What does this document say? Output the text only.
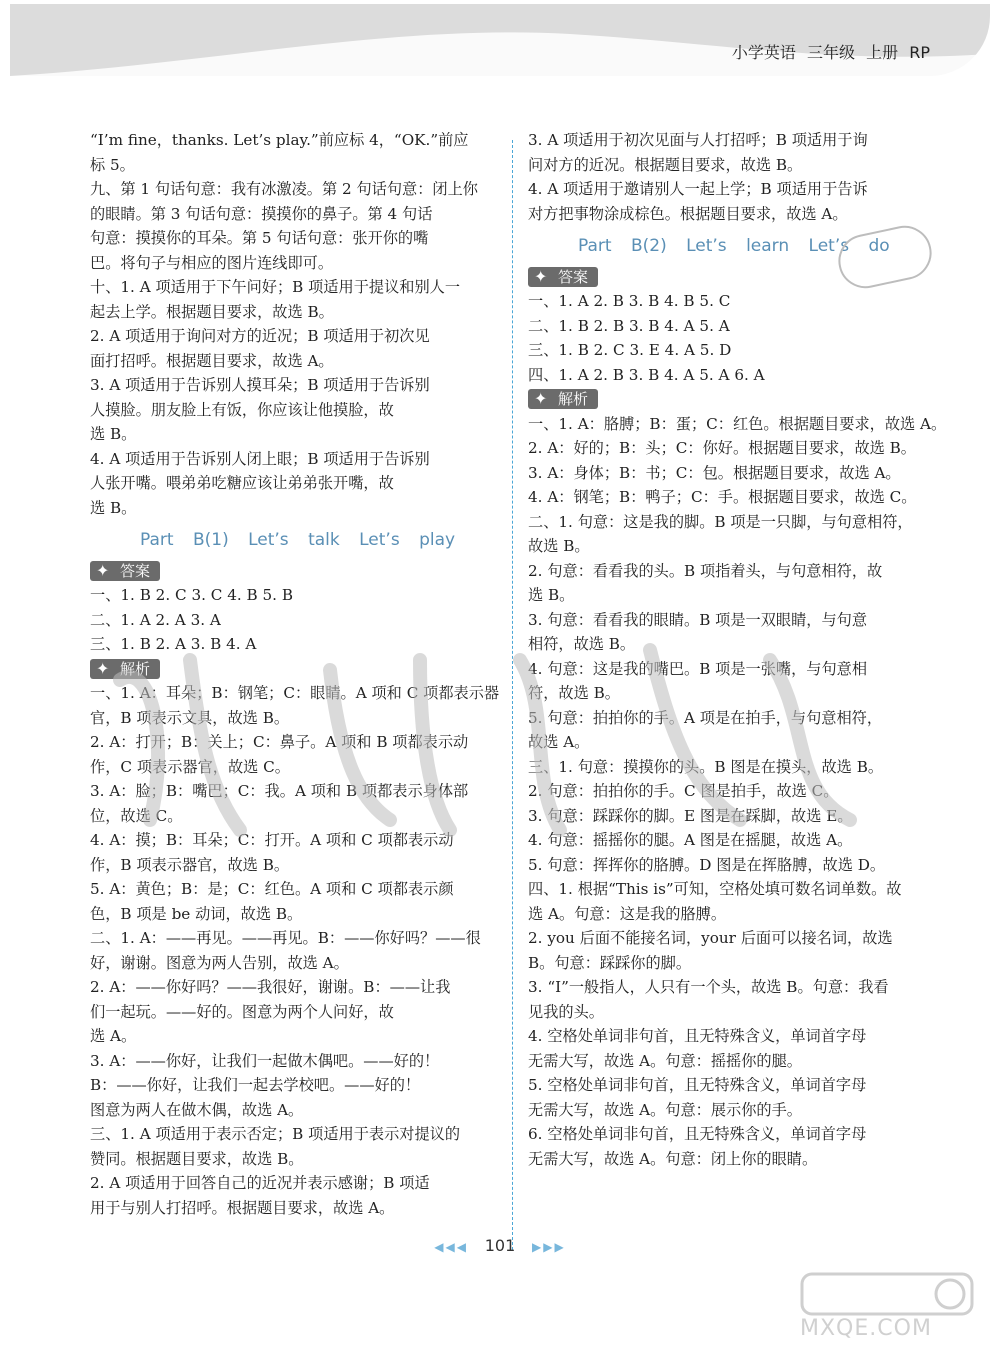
小学英语 三年级 上册 RP
“I’m fine，thanks. Let’s play.”前应标 4，“OK.”前应
标 5。
九、第 1 句话句意：我有冰激凌。第 2 句话句意：闭上你
的眼睛。第 3 句话句意：摸摸你的鼻子。第 4 句话
句意：摸摸你的耳朵。第 5 句话句意：张开你的嘴
巴。将句子与相应的图片连线即可。
十、1. A 项适用于下午问好；B 项适用于提议和别人一
起去上学。根据题目要求，故选 B。
2. A 项适用于询问对方的近况；B 项适用于初次见
面打招呼。根据题目要求，故选 A。
3. A 项适用于告诉别人摸耳朵；B 项适用于告诉别
人摸脸。朋友脸上有饭，你应该让他摸脸，故
选 B。
4. A 项适用于告诉别人闭上眼；B 项适用于告诉别
人张开嘴。喂弟弟吃糖应该让弟弟张开嘴，故
选 B。
Part B(1) Let’s talk Let’s play
✦ 答案
一、1. B 2. C 3. C 4. B 5. B
二、1. A 2. A 3. A
三、1. B 2. A 3. B 4. A
✦ 解析
一、1. A：耳朵；B：钢笔；C：眼睛。A 项和 C 项都表示器
官，B 项表示文具，故选 B。
2. A：打开；B：关上；C：鼻子。A 项和 B 项都表示动
作，C 项表示器官，故选 C。
3. A：脸；B：嘴巴；C：我。A 项和 B 项都表示身体部
位，故选 C。
4. A：摸；B：耳朵；C：打开。A 项和 C 项都表示动
作，B 项表示器官，故选 B。
5. A：黄色；B：是；C：红色。A 项和 C 项都表示颜
色，B 项是 be 动词，故选 B。
二、1. A：——再见。——再见。B：——你好吗？——很
好，谢谢。图意为两人告别，故选 A。
2. A：——你好吗？——我很好，谢谢。B：——让我
们一起玩。——好的。图意为两个人问好，故
选 A。
3. A：——你好，让我们一起做木偶吧。——好的！
B：——你好，让我们一起去学校吧。——好的！
图意为两人在做木偶，故选 A。
三、1. A 项适用于表示否定；B 项适用于表示对提议的
赞同。根据题目要求，故选 B。
2. A 项适用于回答自己的近况并表示感谢；B 项适
用于与别人打招呼。根据题目要求，故选 A。
3. A 项适用于初次见面与人打招呼；B 项适用于询
问对方的近况。根据题目要求，故选 B。
4. A 项适用于邀请别人一起上学；B 项适用于告诉
对方把事物涂成棕色。根据题目要求，故选 A。
Part B(2) Let’s learn Let’s do
✦ 答案
一、1. A 2. B 3. B 4. B 5. C
二、1. B 2. B 3. B 4. A 5. A
三、1. B 2. C 3. E 4. A 5. D
四、1. A 2. B 3. B 4. A 5. A 6. A
✦ 解析
一、1. A：胳膊；B：蛋；C：红色。根据题目要求，故选 A。
2. A：好的；B：头；C：你好。根据题目要求，故选 B。
3. A：身体；B：书；C：包。根据题目要求，故选 A。
4. A：钢笔；B：鸭子；C：手。根据题目要求，故选 C。
二、1. 句意：这是我的脚。B 项是一只脚，与句意相符，
故选 B。
2. 句意：看看我的头。B 项指着头，与句意相符，故
选 B。
3. 句意：看看我的眼睛。B 项是一双眼睛，与句意
相符，故选 B。
4. 句意：这是我的嘴巴。B 项是一张嘴，与句意相
符，故选 B。
5. 句意：拍拍你的手。A 项是在拍手，与句意相符，
故选 A。
三、1. 句意：摸摸你的头。B 图是在摸头，故选 B。
2. 句意：拍拍你的手。C 图是拍手，故选 C。
3. 句意：踩踩你的脚。E 图是在踩脚，故选 E。
4. 句意：摇摇你的腿。A 图是在摇腿，故选 A。
5. 句意：挥挥你的胳膊。D 图是在挥胳膊，故选 D。
四、1. 根据“This is”可知，空格处填可数名词单数。故
选 A。句意：这是我的胳膊。
2. you 后面不能接名词，your 后面可以接名词，故选
B。句意：踩踩你的脚。
3. “I”一般指人，人只有一个头，故选 B。句意：我看
见我的头。
4. 空格处单词非句首，且无特殊含义，单词首字母
无需大写，故选 A。句意：摇摇你的腿。
5. 空格处单词非句首，且无特殊含义，单词首字母
无需大写，故选 A。句意：展示你的手。
6. 空格处单词非句首，且无特殊含义，单词首字母
无需大写，故选 A。句意：闭上你的眼睛。
◀◀◀ 101 ▶▶▶
MXQE.COM
